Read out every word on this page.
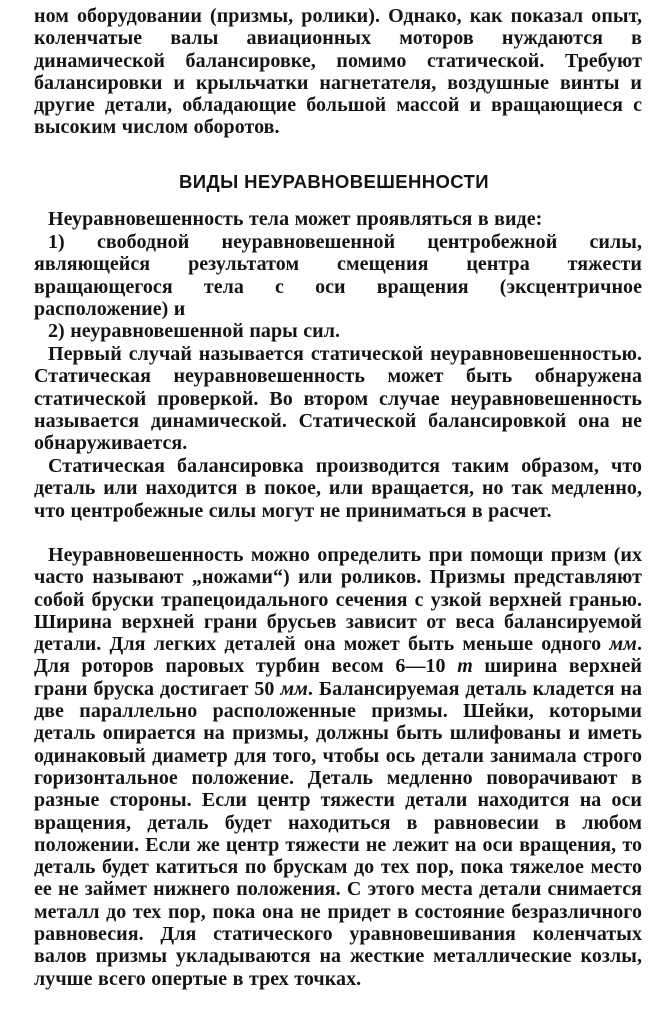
ном оборудовании (призмы, ролики). Однако, как показал опыт, коленчатые валы авиационных моторов нуждаются в динамической балансировке, помимо статической. Требуют балансировки и крыльчатки нагнетателя, воздушные винты и другие детали, обладающие большой массой и вращающиеся с высоким числом оборотов.

ВИДЫ НЕУРАВНОВЕШЕННОСТИ

Неуравновешенность тела может проявляться в виде:

1) свободной неуравновешенной центробежной силы, являющейся результатом смещения центра тяжести вращающегося тела с оси вращения (эксцентричное расположение) и

2) неуравновешенной пары сил.

Первый случай называется статической неуравновешенностью. Статическая неуравновешенность может быть обнаружена статической проверкой. Во втором случае неуравновешенность называется динамической. Статической балансировкой она не обнаруживается.

Статическая балансировка производится таким образом, что деталь или находится в покое, или вращается, но так медленно, что центробежные силы могут не приниматься в расчет.

Неуравновешенность можно определить при помощи призм (их часто называют „ножами“) или роликов. Призмы представляют собой бруски трапецоидального сечения с узкой верхней гранью. Ширина верхней грани брусьев зависит от веса балансируемой детали. Для легких деталей она может быть меньше одного мм. Для роторов паровых турбин весом 6—10 т ширина верхней грани бруска достигает 50 мм. Балансируемая деталь кладется на две параллельно расположенные призмы. Шейки, которыми деталь опирается на призмы, должны быть шлифованы и иметь одинаковый диаметр для того, чтобы ось детали занимала строго горизонтальное положение. Деталь медленно поворачивают в разные стороны. Если центр тяжести детали находится на оси вращения, деталь будет находиться в равновесии в любом положении. Если же центр тяжести не лежит на оси вращения, то деталь будет катиться по брускам до тех пор, пока тяжелое место ее не займет нижнего положения. С этого места детали снимается металл до тех пор, пока она не придет в состояние безразличного равновесия. Для статического уравновешивания коленчатых валов призмы укладываются на жесткие металлические козлы, лучше всего опертые в трех точках.
